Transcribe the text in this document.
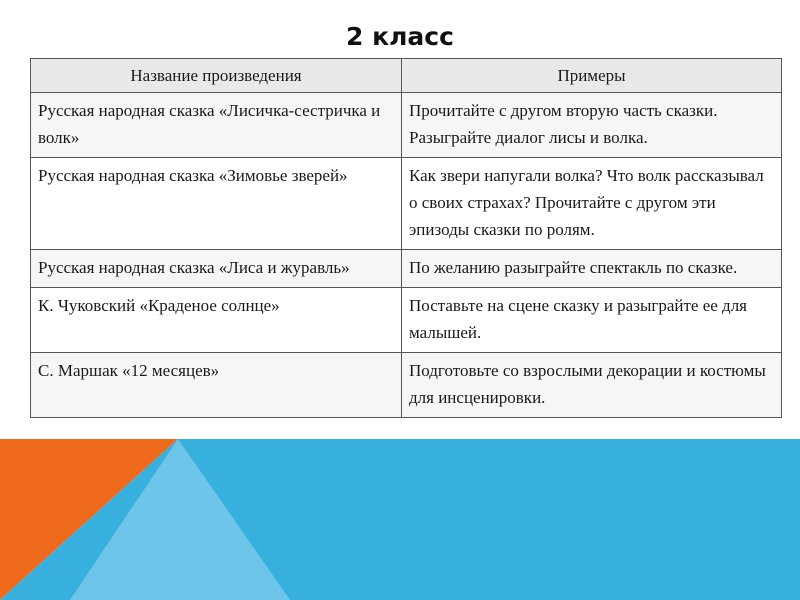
2 класс
Название произведения	Примеры
Русская народная сказка «Лисичка-сестричка и волк»	Прочитайте с другом вторую часть сказки. Разыграйте диалог лисы и волка.
Русская народная сказка «Зимовье зверей»	Как звери напугали волка? Что волк рассказывал о своих страхах? Прочитайте с другом эти эпизоды сказки по ролям.
Русская народная сказка «Лиса и журавль»	По желанию разыграйте спектакль по сказке.
К. Чуковский «Краденое солнце»	Поставьте на сцене сказку и разыграйте ее для малышей.
С. Маршак «12 месяцев»	Подготовьте со взрослыми декорации и костюмы для инсценировки.
